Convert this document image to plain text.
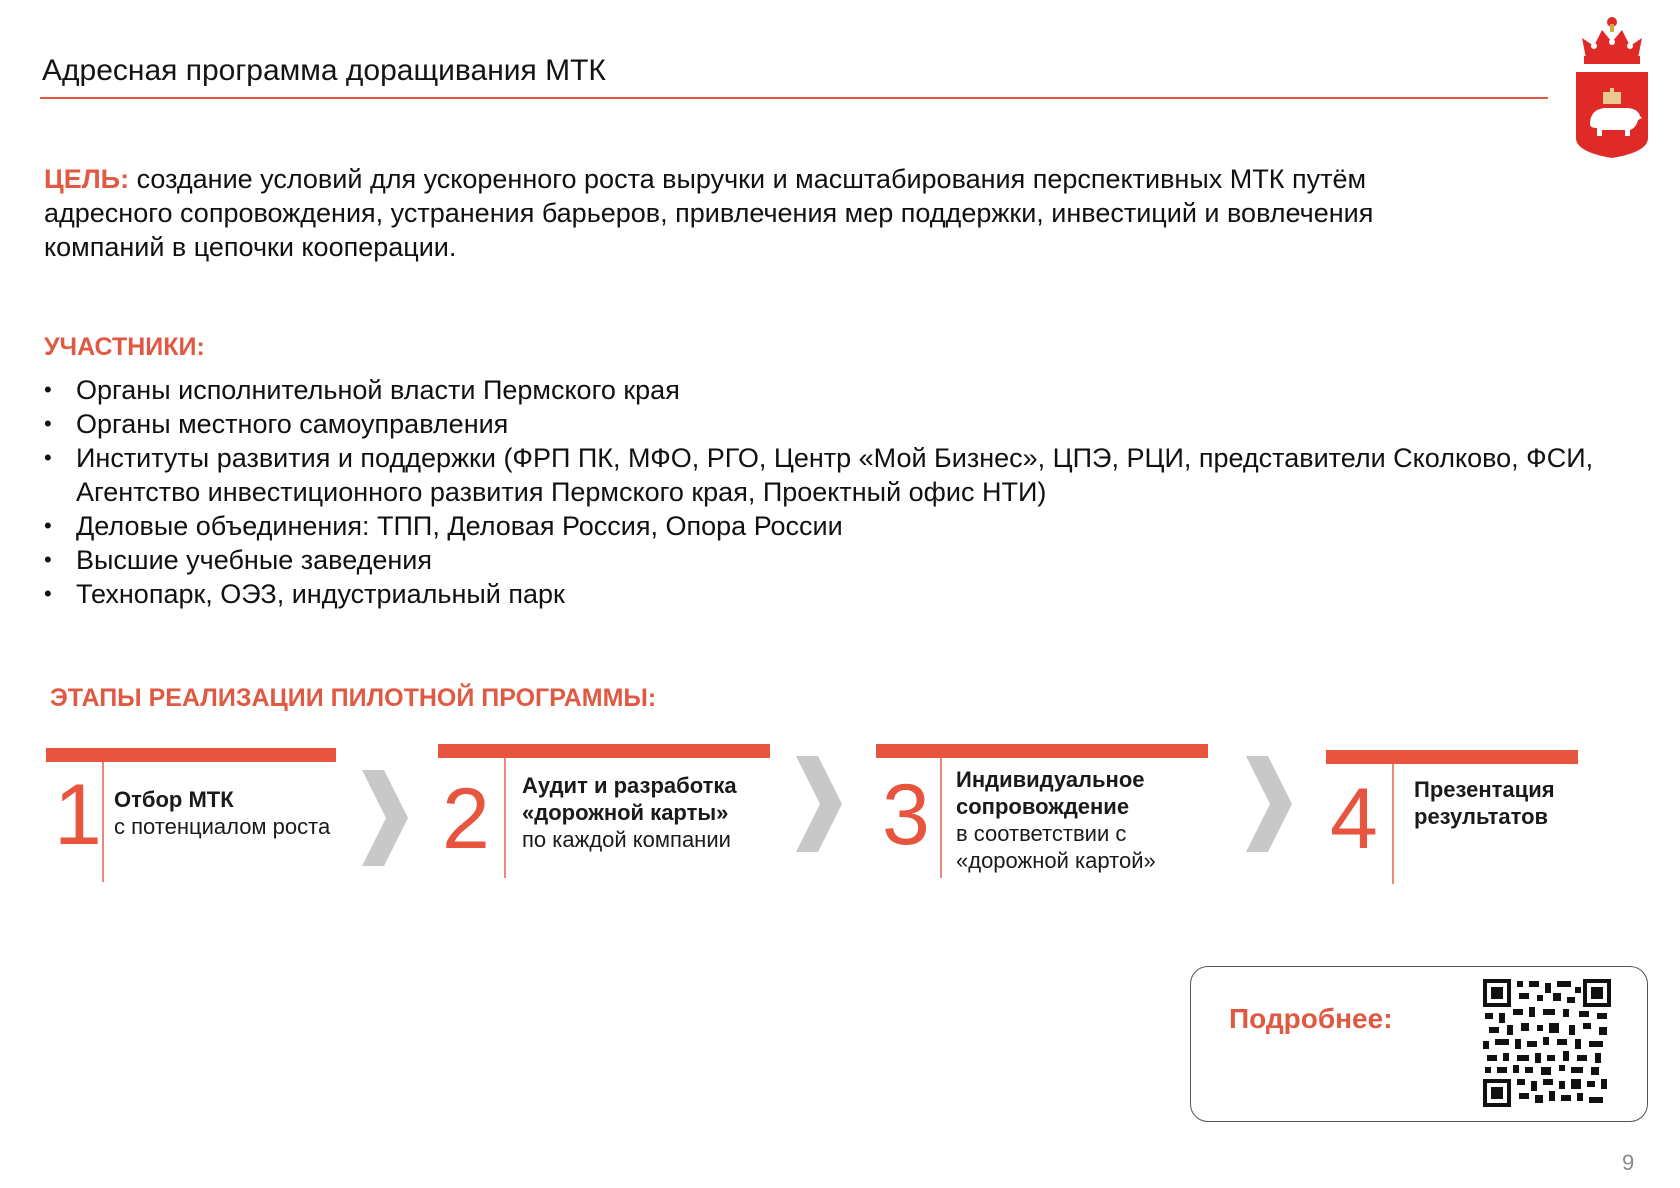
Адресная программа доращивания МТК
ЦЕЛЬ: создание условий для ускоренного роста выручки и масштабирования перспективных МТК путём адресного сопровождения, устранения барьеров, привлечения мер поддержки, инвестиций и вовлечения компаний в цепочки кооперации.
УЧАСТНИКИ:
• Органы исполнительной власти Пермского края
• Органы местного самоуправления
• Институты развития и поддержки (ФРП ПК, МФО, РГО, Центр «Мой Бизнес», ЦПЭ, РЦИ, представители Сколково, ФСИ, Агентство инвестиционного развития Пермского края, Проектный офис НТИ)
• Деловые объединения: ТПП, Деловая Россия, Опора России
• Высшие учебные заведения
• Технопарк, ОЭЗ, индустриальный парк
ЭТАПЫ РЕАЛИЗАЦИИ ПИЛОТНОЙ ПРОГРАММЫ:
1 Отбор МТК
с потенциалом роста 2 Аудит и разработка «дорожной карты»
по каждой компании	3 Индивидуальное сопровождение
в соответствии с «дорожной картой»	4 Презентация результатов
Подробнее:
9
